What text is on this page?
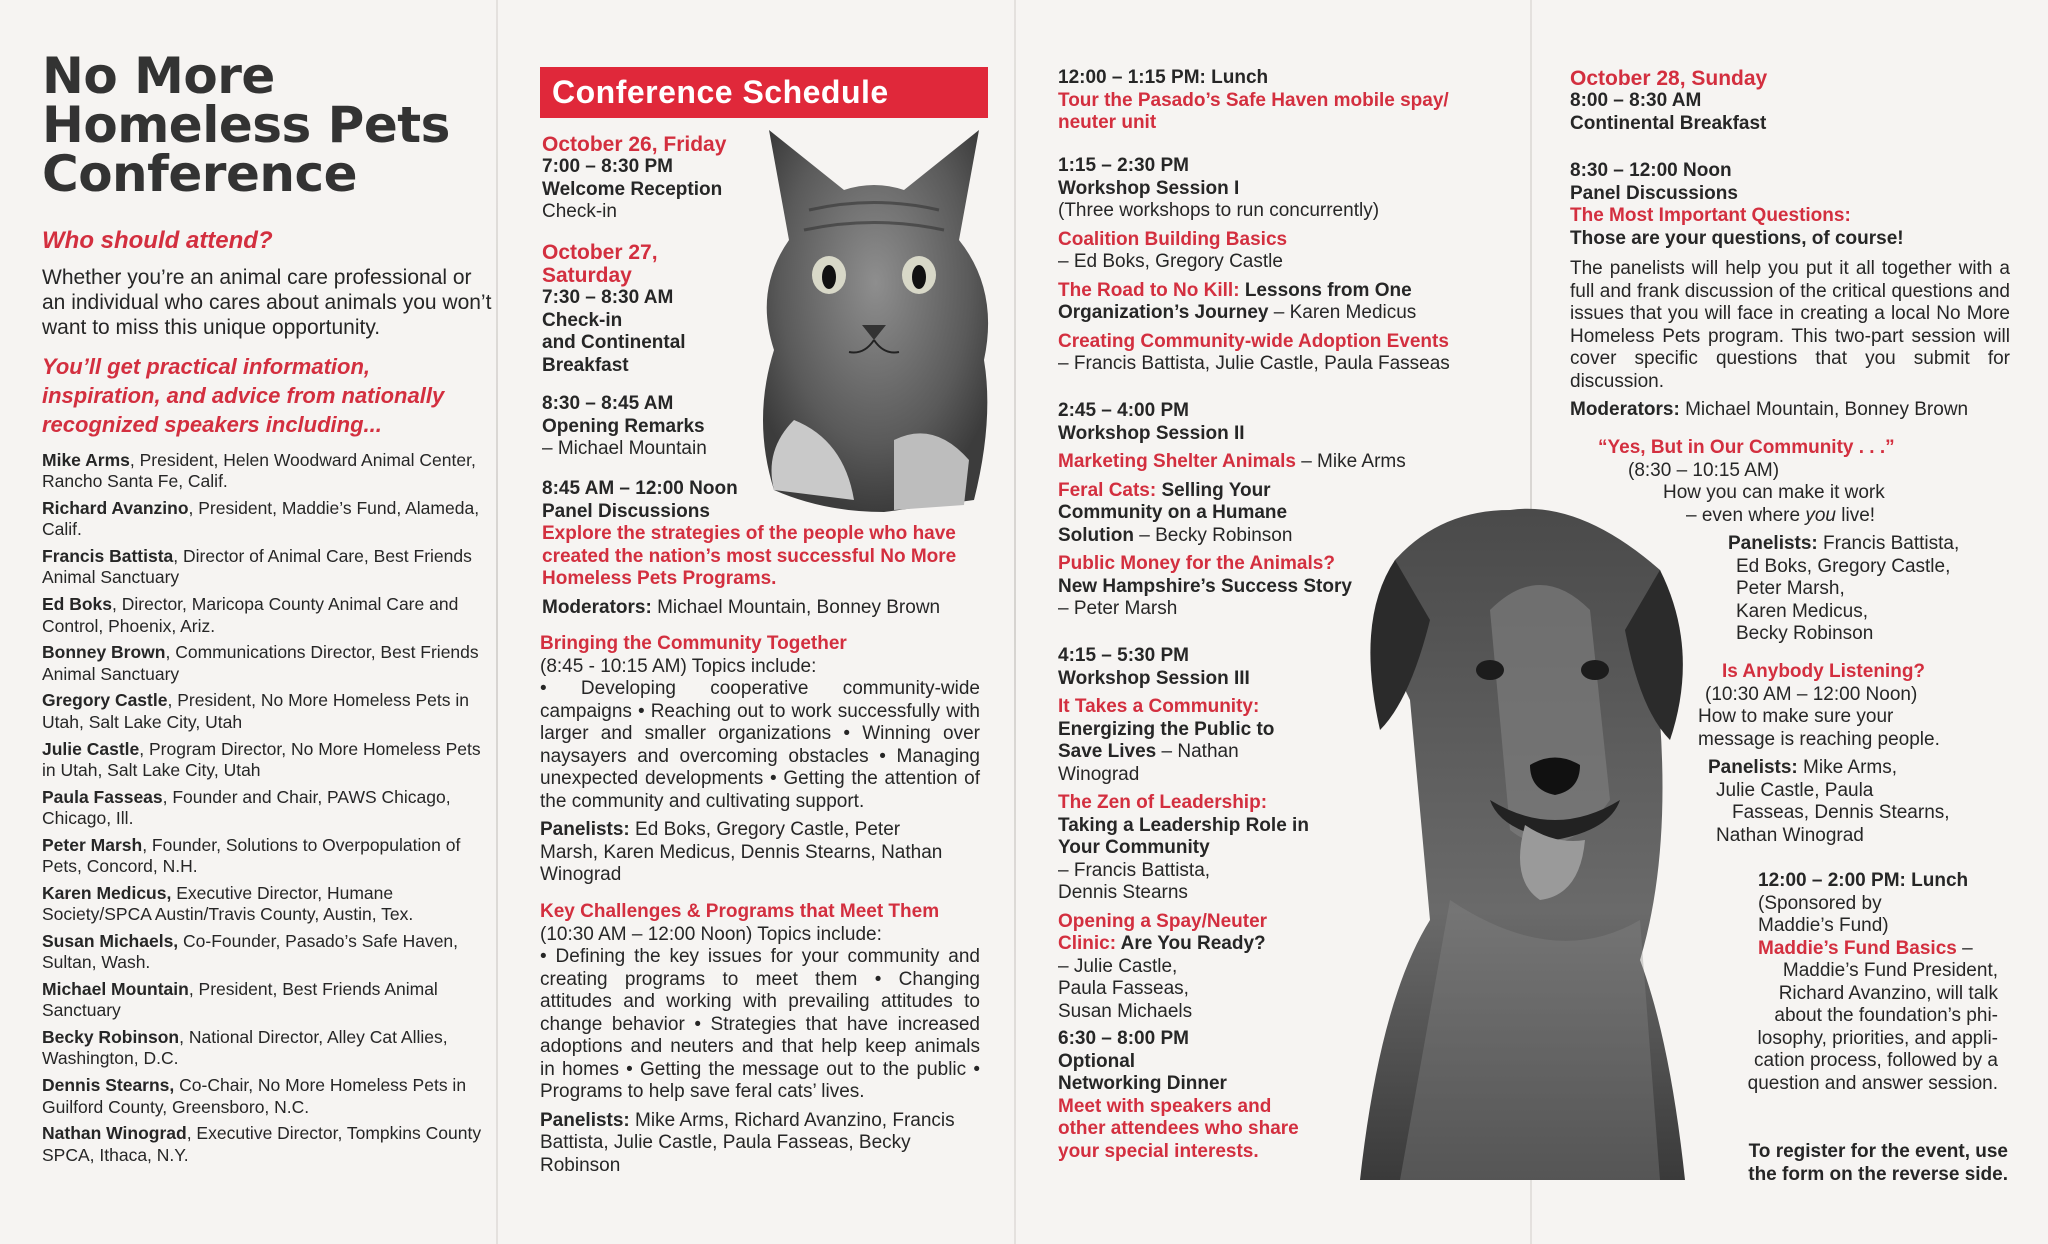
No More
Homeless Pets
Conference
Who should attend?
Whether you’re an animal care professional or an individual who cares about animals you won’t want to miss this unique opportunity.
You’ll get practical information, inspiration, and advice from nationally recognized speakers including...
Mike Arms, President, Helen Woodward Animal Center, Rancho Santa Fe, Calif.
Richard Avanzino, President, Maddie’s Fund, Alameda, Calif.
Francis Battista, Director of Animal Care, Best Friends Animal Sanctuary
Ed Boks, Director, Maricopa County Animal Care and Control, Phoenix, Ariz.
Bonney Brown, Communications Director, Best Friends Animal Sanctuary
Gregory Castle, President, No More Homeless Pets in Utah, Salt Lake City, Utah
Julie Castle, Program Director, No More Homeless Pets in Utah, Salt Lake City, Utah
Paula Fasseas, Founder and Chair, PAWS Chicago, Chicago, Ill.
Peter Marsh, Founder, Solutions to Overpopulation of Pets, Concord, N.H.
Karen Medicus, Executive Director, Humane Society/SPCA Austin/Travis County, Austin, Tex.
Susan Michaels, Co-Founder, Pasado’s Safe Haven, Sultan, Wash.
Michael Mountain, President, Best Friends Animal Sanctuary
Becky Robinson, National Director, Alley Cat Allies, Washington, D.C.
Dennis Stearns, Co-Chair, No More Homeless Pets in Guilford County, Greensboro, N.C.
Nathan Winograd, Executive Director, Tompkins County SPCA, Ithaca, N.Y.
Conference Schedule
October 26, Friday
7:00 – 8:30 PM
Welcome Reception
Check-in
October 27,
Saturday
7:30 – 8:30 AM
Check-in
and Continental
Breakfast
8:30 – 8:45 AM
Opening Remarks
– Michael Mountain
8:45 AM – 12:00 Noon
Panel Discussions
Explore the strategies of the people who have created the nation’s most successful No More Homeless Pets Programs.
Moderators: Michael Mountain, Bonney Brown
Bringing the Community Together
(8:45 - 10:15 AM) Topics include:
• Developing cooperative community-wide campaigns • Reaching out to work successfully with larger and smaller organizations • Winning over naysayers and overcoming obstacles • Managing unexpected developments • Getting the attention of the community and cultivating support.
Panelists: Ed Boks, Gregory Castle, Peter Marsh, Karen Medicus, Dennis Stearns, Nathan Winograd
Key Challenges & Programs that Meet Them
(10:30 AM – 12:00 Noon) Topics include:
• Defining the key issues for your community and creating programs to meet them • Changing attitudes and working with prevailing attitudes to change behavior • Strategies that have increased adoptions and neuters and that help keep animals in homes • Getting the message out to the public • Programs to help save feral cats’ lives.
Panelists: Mike Arms, Richard Avanzino, Francis Battista, Julie Castle, Paula Fasseas, Becky Robinson
12:00 – 1:15 PM: Lunch
Tour the Pasado’s Safe Haven mobile spay/ neuter unit
1:15 – 2:30 PM
Workshop Session I
(Three workshops to run concurrently)
Coalition Building Basics
– Ed Boks, Gregory Castle
The Road to No Kill: Lessons from One Organization’s Journey – Karen Medicus
Creating Community-wide Adoption Events
– Francis Battista, Julie Castle, Paula Fasseas
2:45 – 4:00 PM
Workshop Session II
Marketing Shelter Animals – Mike Arms
Feral Cats: Selling Your Community on a Humane Solution – Becky Robinson
Public Money for the Animals?
New Hampshire’s Success Story
– Peter Marsh
4:15 – 5:30 PM
Workshop Session III
It Takes a Community:
Energizing the Public to Save Lives – Nathan Winograd
The Zen of Leadership:
Taking a Leadership Role in Your Community
– Francis Battista, Dennis Stearns
Opening a Spay/Neuter Clinic: Are You Ready?
– Julie Castle, Paula Fasseas, Susan Michaels
6:30 – 8:00 PM
Optional
Networking Dinner
Meet with speakers and other attendees who share your special interests.
October 28, Sunday
8:00 – 8:30 AM
Continental Breakfast
8:30 – 12:00 Noon
Panel Discussions
The Most Important Questions:
Those are your questions, of course!
The panelists will help you put it all together with a full and frank discussion of the critical questions and issues that you will face in creating a local No More Homeless Pets program. This two-part session will cover specific questions that you submit for discussion.
Moderators: Michael Mountain, Bonney Brown
“Yes, But in Our Community . . .”
(8:30 – 10:15 AM)
How you can make it work
– even where you live!
Panelists: Francis Battista,
Ed Boks, Gregory Castle,
Peter Marsh,
Karen Medicus,
Becky Robinson
Is Anybody Listening?
(10:30 AM – 12:00 Noon)
How to make sure your
message is reaching people.
Panelists: Mike Arms,
Julie Castle, Paula
Fasseas, Dennis Stearns,
Nathan Winograd
12:00 – 2:00 PM: Lunch
(Sponsored by
Maddie’s Fund)
Maddie’s Fund Basics –
Maddie’s Fund President,
Richard Avanzino, will talk
about the foundation’s phi-
losophy, priorities, and appli-
cation process, followed by a
question and answer session.
To register for the event, use
the form on the reverse side.
